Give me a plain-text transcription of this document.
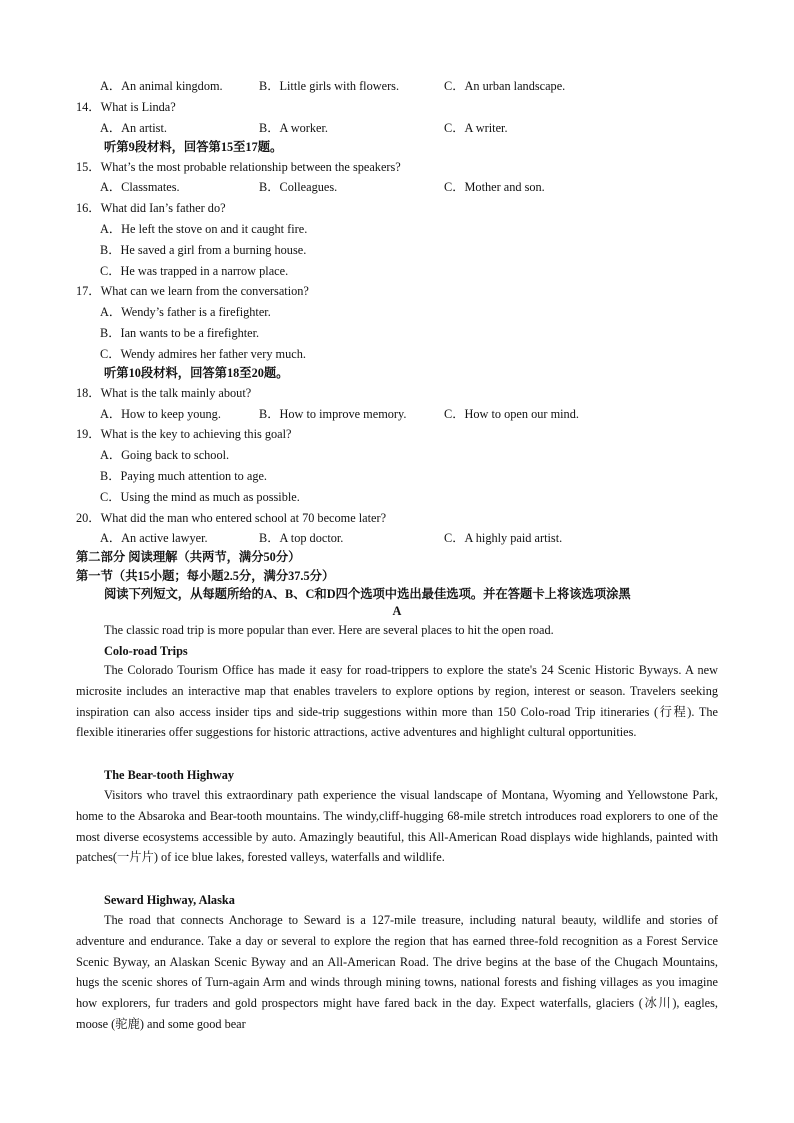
A．An animal kingdom.	B．Little girls with flowers.	C．An urban landscape.
14．What is Linda?
A．An artist.	B．A worker.	C．A writer.
听第9段材料，回答第15至17题。
15．What’s the most probable relationship between the speakers?
A．Classmates.	B．Colleagues.	C．Mother and son.
16．What did Ian’s father do?
A．He left the stove on and it caught fire.
B．He saved a girl from a burning house.
C．He was trapped in a narrow place.
17．What can we learn from the conversation?
A．Wendy’s father is a firefighter.
B．Ian wants to be a firefighter.
C．Wendy admires her father very much.
听第10段材料，回答第18至20题。
18．What is the talk mainly about?
A．How to keep young.	B．How to improve memory.	C．How to open our mind.
19．What is the key to achieving this goal?
A．Going back to school.
B．Paying much attention to age.
C．Using the mind as much as possible.
20．What did the man who entered school at 70 become later?
A．An active lawyer.	B．A top doctor.	C．A highly paid artist.
第二部分 阅读理解（共两节，满分50分）
第一节（共15小题；每小题2.5分，满分37.5分）
阅读下列短文，从每题所给的A、B、C和D四个选项中选出最佳选项。并在答题卡上将该选项涂黑
A
The classic road trip is more popular than ever. Here are several places to hit the open road.
Colo-road Trips
The Colorado Tourism Office has made it easy for road-trippers to explore the state's 24 Scenic Historic Byways. A new microsite includes an interactive map that enables travelers to explore options by region, interest or season. Travelers seeking inspiration can also access insider tips and side-trip suggestions within more than 150 Colo-road Trip itineraries (行程). The flexible itineraries offer suggestions for historic attractions, active adventures and highlight cultural opportunities.
The Bear-tooth Highway
Visitors who travel this extraordinary path experience the visual landscape of Montana, Wyoming and Yellowstone Park, home to the Absaroka and Bear-tooth mountains. The windy,cliff-hugging 68-mile stretch introduces road explorers to one of the most diverse ecosystems accessible by auto. Amazingly beautiful, this All-American Road displays wide highlands, painted with patches(一片片) of ice blue lakes, forested valleys, waterfalls and wildlife.
Seward Highway, Alaska
The road that connects Anchorage to Seward is a 127-mile treasure, including natural beauty, wildlife and stories of adventure and endurance. Take a day or several to explore the region that has earned three-fold recognition as a Forest Service Scenic Byway, an Alaskan Scenic Byway and an All-American Road. The drive begins at the base of the Chugach Mountains, hugs the scenic shores of Turn-again Arm and winds through mining towns, national forests and fishing villages as you imagine how explorers, fur traders and gold prospectors might have fared back in the day. Expect waterfalls, glaciers (冰川), eagles, moose (驼鹿) and some good bear
